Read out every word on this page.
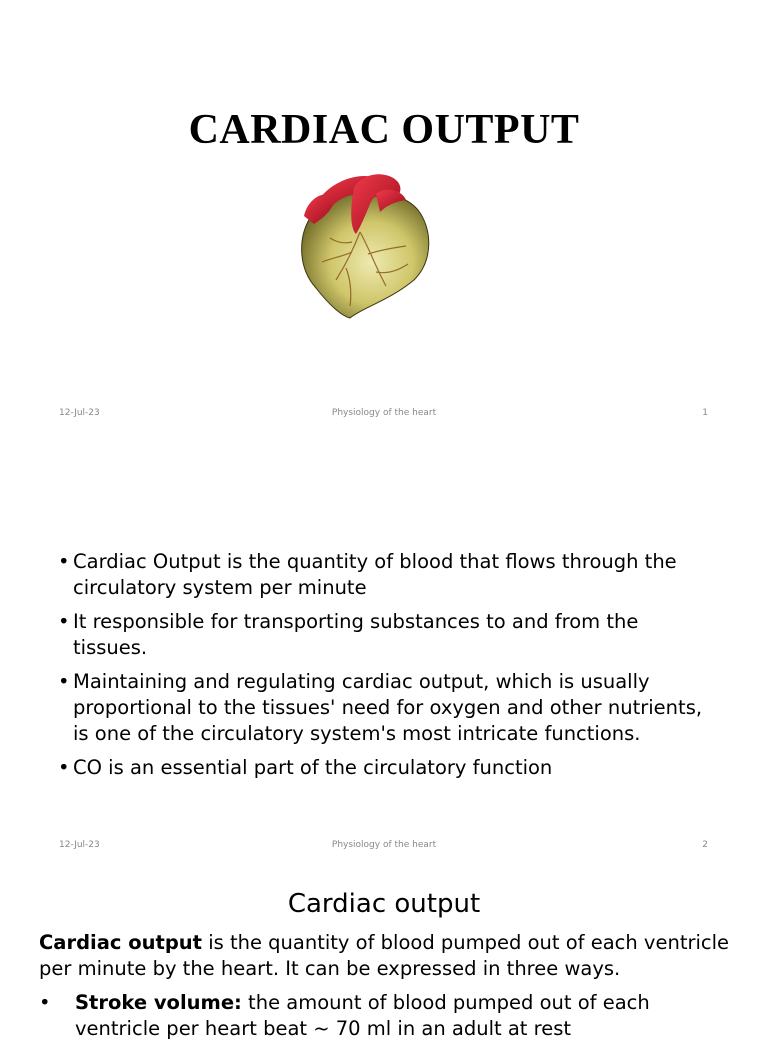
CARDIAC OUTPUT
12-Jul-23	Physiology of the heart	1
• Cardiac Output is the quantity of blood that flows through the circulatory system per minute
• It responsible for transporting substances to and from the tissues.
• Maintaining and regulating cardiac output, which is usually proportional to the tissues' need for oxygen and other nutrients, is one of the circulatory system's most intricate functions.
• CO is an essential part of the circulatory function
12-Jul-23	Physiology of the heart	2
Cardiac output

Cardiac output is the quantity of blood pumped out of each ventricle per minute by the heart. It can be expressed in three ways.

•	Stroke volume: the amount of blood pumped out of each ventricle per heart beat ~ 70 ml in an adult at rest
